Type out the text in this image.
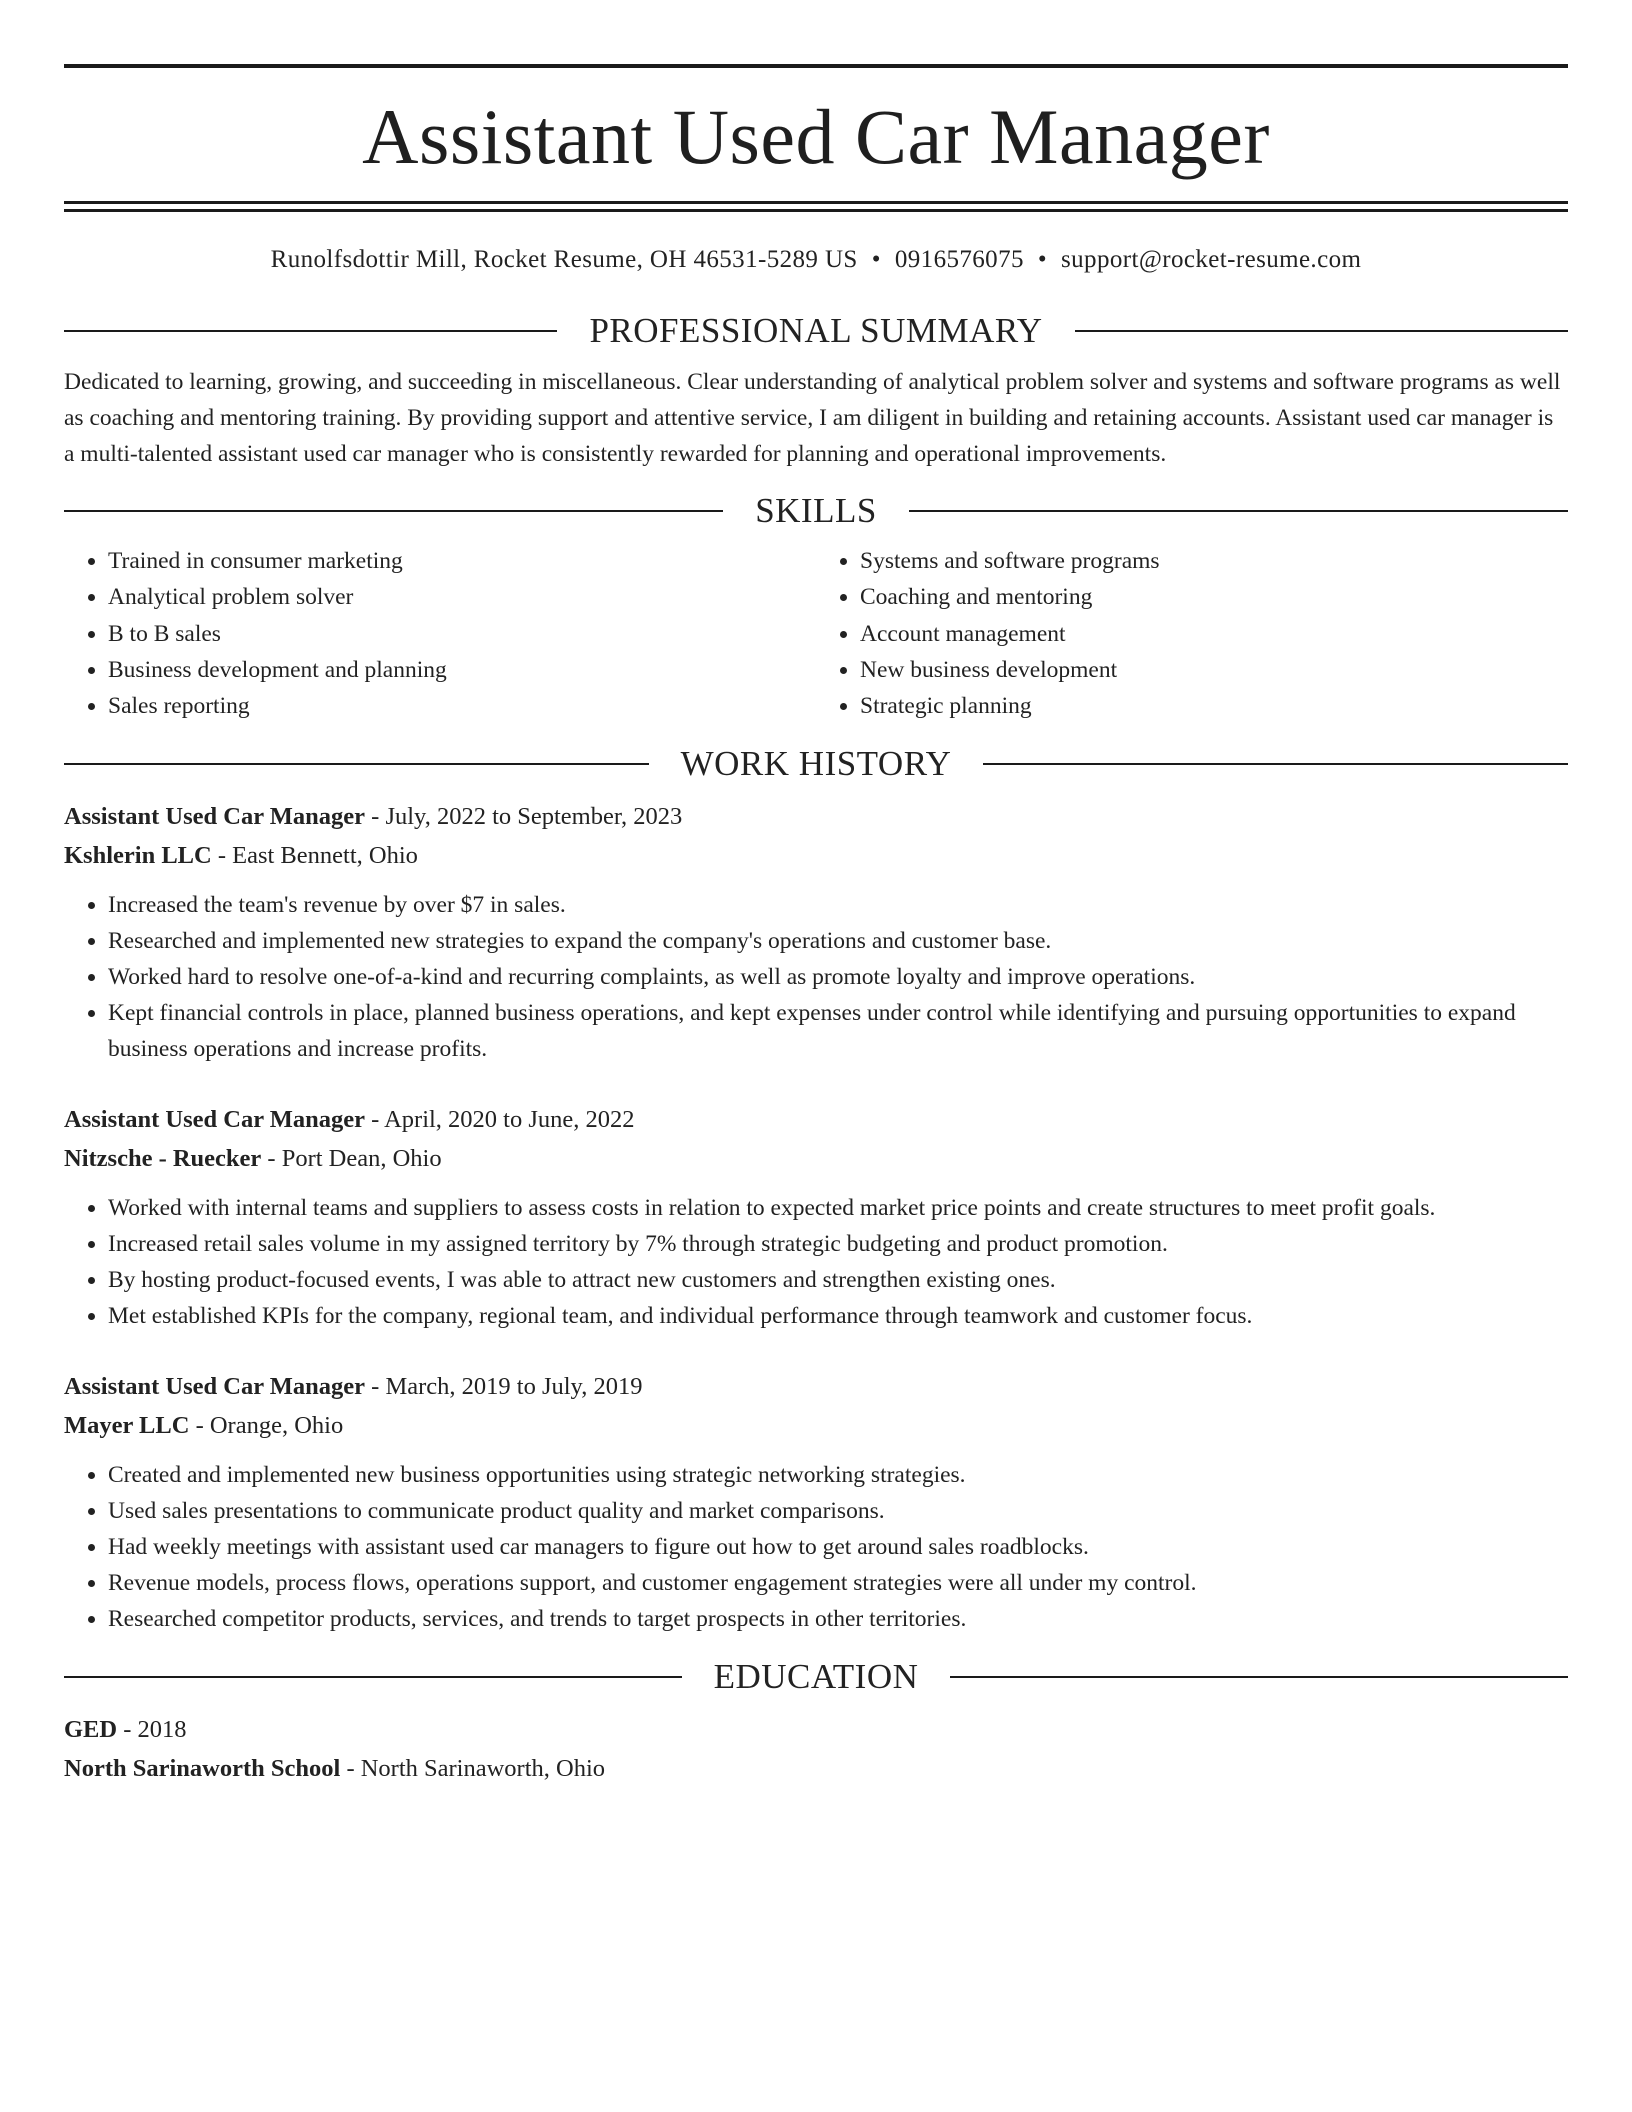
Assistant Used Car Manager
Runolfsdottir Mill, Rocket Resume, OH 46531-5289 US • 0916576075 • support@rocket-resume.com
PROFESSIONAL SUMMARY

Dedicated to learning, growing, and succeeding in miscellaneous. Clear understanding of analytical problem solver and systems and software programs as well as coaching and mentoring training. By providing support and attentive service, I am diligent in building and retaining accounts. Assistant used car manager is a multi-talented assistant used car manager who is consistently rewarded for planning and operational improvements.

SKILLS
• Trained in consumer marketing
• Analytical problem solver
• B to B sales
• Business development and planning
• Sales reporting
• Systems and software programs
• Coaching and mentoring
• Account management
• New business development
• Strategic planning
WORK HISTORY
Assistant Used Car Manager - July, 2022 to September, 2023
Kshlerin LLC - East Bennett, Ohio
• Increased the team's revenue by over $7 in sales.
• Researched and implemented new strategies to expand the company's operations and customer base.
• Worked hard to resolve one-of-a-kind and recurring complaints, as well as promote loyalty and improve operations.
• Kept financial controls in place, planned business operations, and kept expenses under control while identifying and pursuing opportunities to expand business operations and increase profits.
Assistant Used Car Manager - April, 2020 to June, 2022
Nitzsche - Ruecker - Port Dean, Ohio
• Worked with internal teams and suppliers to assess costs in relation to expected market price points and create structures to meet profit goals.
• Increased retail sales volume in my assigned territory by 7% through strategic budgeting and product promotion.
• By hosting product-focused events, I was able to attract new customers and strengthen existing ones.
• Met established KPIs for the company, regional team, and individual performance through teamwork and customer focus.
Assistant Used Car Manager - March, 2019 to July, 2019
Mayer LLC - Orange, Ohio
• Created and implemented new business opportunities using strategic networking strategies.
• Used sales presentations to communicate product quality and market comparisons.
• Had weekly meetings with assistant used car managers to figure out how to get around sales roadblocks.
• Revenue models, process flows, operations support, and customer engagement strategies were all under my control.
• Researched competitor products, services, and trends to target prospects in other territories.
EDUCATION
GED - 2018
North Sarinaworth School - North Sarinaworth, Ohio
